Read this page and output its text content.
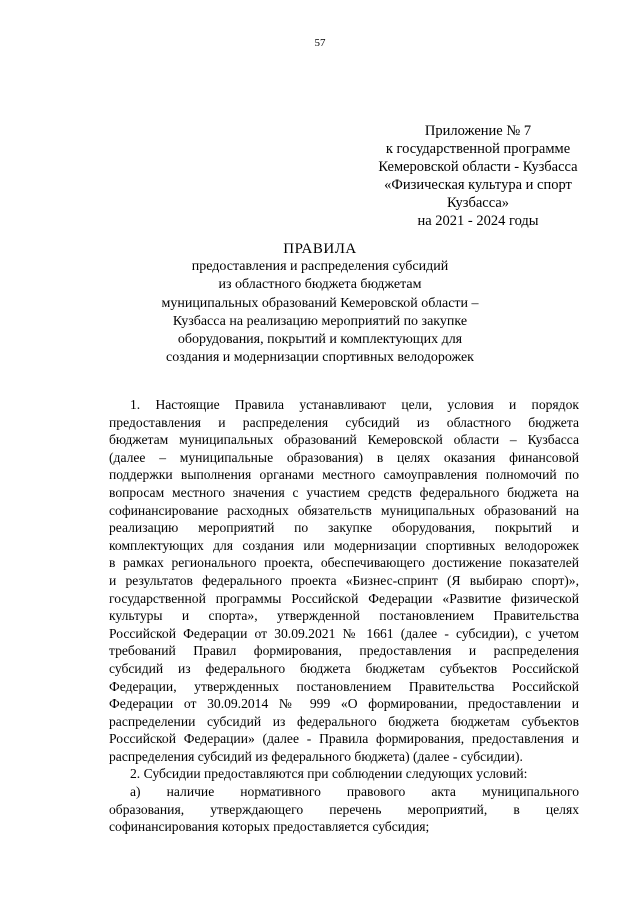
57
Приложение № 7
к государственной программе
Кемеровской области - Кузбасса
«Физическая культура и спорт
Кузбасса»
на 2021 - 2024 годы
ПРАВИЛА
предоставления и распределения субсидий
из областного бюджета бюджетам
муниципальных образований Кемеровской области –
Кузбасса на реализацию мероприятий по закупке
оборудования, покрытий и комплектующих для
создания и модернизации спортивных велодорожек
1. Настоящие Правила устанавливают цели, условия и порядок
предоставления и распределения субсидий из областного бюджета
бюджетам муниципальных образований Кемеровской области – Кузбасса
(далее – муниципальные образования) в целях оказания финансовой
поддержки выполнения органами местного самоуправления полномочий по
вопросам местного значения с участием средств федерального бюджета на
софинансирование расходных обязательств муниципальных образований на
реализацию мероприятий по закупке оборудования, покрытий и
комплектующих для создания или модернизации спортивных велодорожек
в рамках регионального проекта, обеспечивающего достижение показателей
и результатов федерального проекта «Бизнес-спринт (Я выбираю спорт)»,
государственной программы Российской Федерации «Развитие физической
культуры и спорта», утвержденной постановлением Правительства
Российской Федерации от 30.09.2021 № 1661 (далее - субсидии), с учетом
требований Правил формирования, предоставления и распределения
субсидий из федерального бюджета бюджетам субъектов Российской
Федерации, утвержденных постановлением Правительства Российской
Федерации от 30.09.2014 № 999 «О формировании, предоставлении и
распределении субсидий из федерального бюджета бюджетам субъектов
Российской Федерации» (далее - Правила формирования, предоставления и
распределения субсидий из федерального бюджета) (далее - субсидии).
2. Субсидии предоставляются при соблюдении следующих условий:
а) наличие нормативного правового акта муниципального
образования, утверждающего перечень мероприятий, в целях
софинансирования которых предоставляется субсидия;
